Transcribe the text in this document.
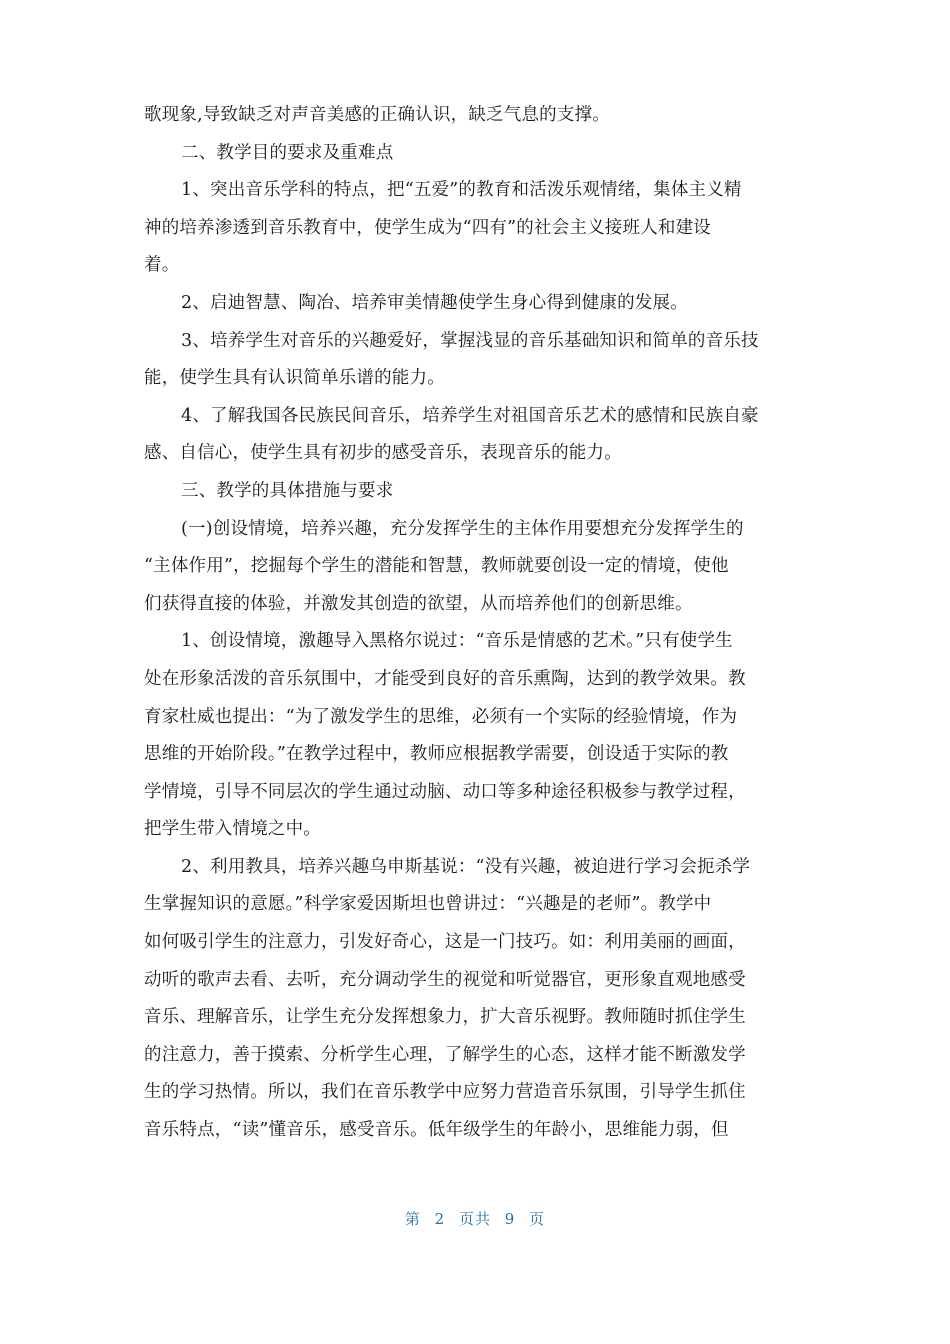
歌现象,导致缺乏对声音美感的正确认识，缺乏气息的支撑。
二、教学目的要求及重难点
1、突出音乐学科的特点，把“五爱”的教育和活泼乐观情绪，集体主义精
神的培养渗透到音乐教育中，使学生成为“四有”的社会主义接班人和建设
着。
2、启迪智慧、陶冶、培养审美情趣使学生身心得到健康的发展。
3、培养学生对音乐的兴趣爱好，掌握浅显的音乐基础知识和简单的音乐技
能，使学生具有认识简单乐谱的能力。
4、了解我国各民族民间音乐，培养学生对祖国音乐艺术的感情和民族自豪
感、自信心，使学生具有初步的感受音乐，表现音乐的能力。
三、教学的具体措施与要求
(一)创设情境，培养兴趣，充分发挥学生的主体作用要想充分发挥学生的
“主体作用”，挖掘每个学生的潜能和智慧，教师就要创设一定的情境，使他
们获得直接的体验，并激发其创造的欲望，从而培养他们的创新思维。
1、创设情境，激趣导入黑格尔说过：“音乐是情感的艺术。”只有使学生
处在形象活泼的音乐氛围中，才能受到良好的音乐熏陶，达到的教学效果。教
育家杜威也提出：“为了激发学生的思维，必须有一个实际的经验情境，作为
思维的开始阶段。”在教学过程中，教师应根据教学需要，创设适于实际的教
学情境，引导不同层次的学生通过动脑、动口等多种途径积极参与教学过程，
把学生带入情境之中。
2、利用教具，培养兴趣乌申斯基说：“没有兴趣，被迫进行学习会扼杀学
生掌握知识的意愿。”科学家爱因斯坦也曾讲过：“兴趣是的老师”。教学中
如何吸引学生的注意力，引发好奇心，这是一门技巧。如：利用美丽的画面，
动听的歌声去看、去听，充分调动学生的视觉和听觉器官，更形象直观地感受
音乐、理解音乐，让学生充分发挥想象力，扩大音乐视野。教师随时抓住学生
的注意力，善于摸索、分析学生心理，了解学生的心态，这样才能不断激发学
生的学习热情。所以，我们在音乐教学中应努力营造音乐氛围，引导学生抓住
音乐特点，“读”懂音乐，感受音乐。低年级学生的年龄小，思维能力弱，但
第 2 页共 9 页
